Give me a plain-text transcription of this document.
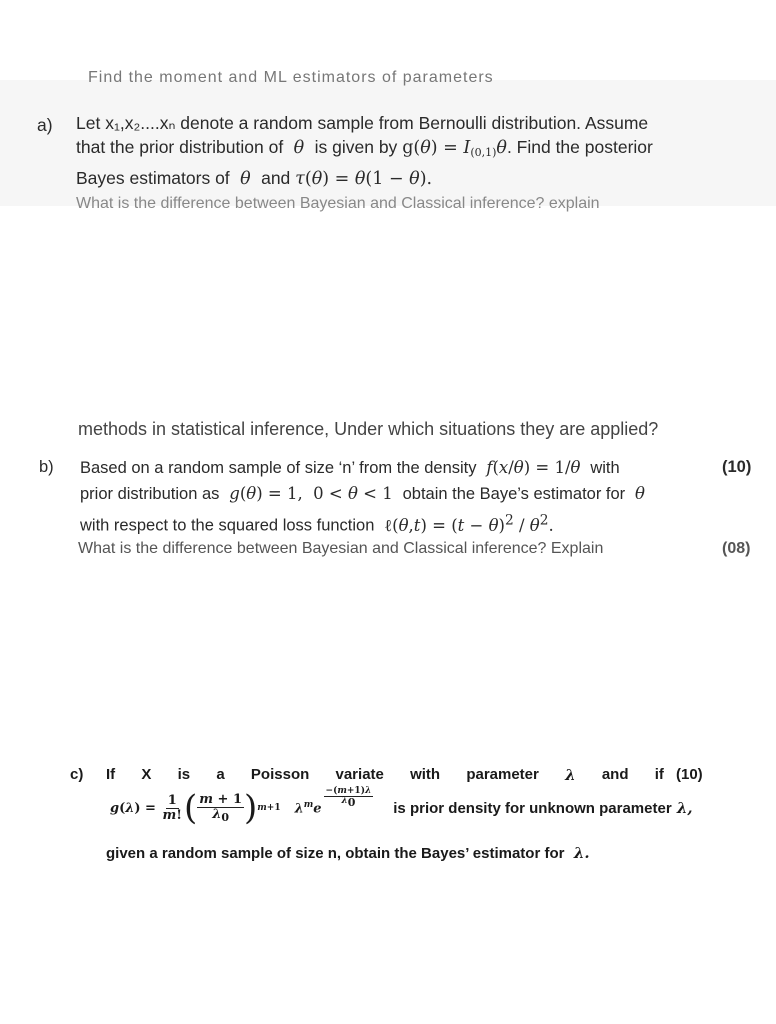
Find the moment and ML estimators of parameters
a) Let x₁,x₂....xₙ denote a random sample from Bernoulli distribution. Assume
that the prior distribution of  θ  is given by $g(\theta) = I_{(0,1)}\theta$. Find the posterior
Bayes estimators of  θ  and τ(θ) = θ(1 − θ).
What is the difference between Bayesian and Classical inference? explain
methods in statistical inference, Under which situations they are applied?
b)	(10)
Based on a random sample of size ‘n’ from the density f(x/θ) = 1/θ with
prior distribution as g(θ) = 1,  0 < θ < 1  obtain the Baye’s estimator for  θ
with respect to the squared loss function  ℓ(θ,t) = $(t - \theta)^2 / \theta^2$.
What is the difference between Bayesian and Classical inference? Explain	(08)
c)	(10)
If X is a Poisson variate with parameter λ and if
$g(\lambda) = \frac{1}{m!}$ ( $\frac{m + 1}{\lambda_0}$ ) m+1 $\lambda^me \frac{-(m+1)\lambda}{\lambda_0}$ is prior density for unknown parameter λ,
given a random sample of size n, obtain the Bayes’ estimator for  λ.
